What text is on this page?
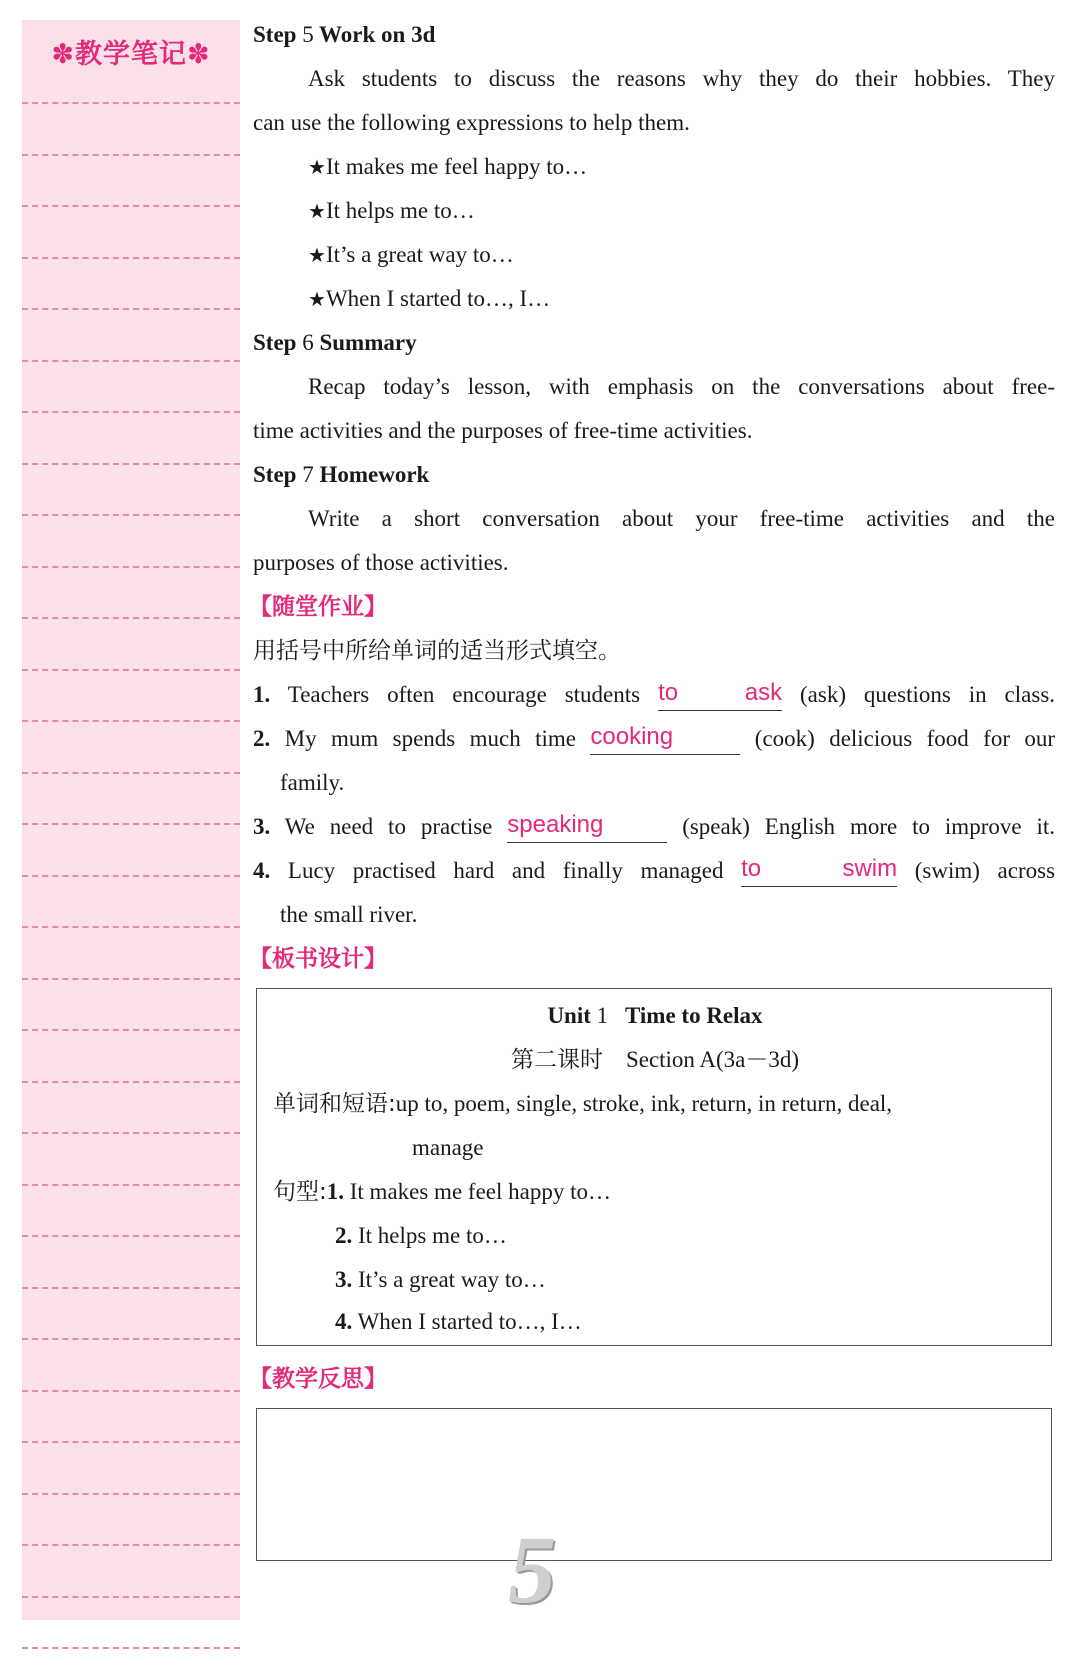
✽教学笔记✽
Step 5 Work on 3d
Ask students to discuss the reasons why they do their hobbies. They
can use the following expressions to help them.
★It makes me feel happy to…
★It helps me to…
★It’s a great way to…
★When I started to…, I…
Step 6 Summary
Recap today’s lesson, with emphasis on the conversations about free-
time activities and the purposes of free-time activities.
Step 7 Homework
Write a short conversation about your free-time activities and the
purposes of those activities.
【随堂作业】
用括号中所给单词的适当形式填空。
1. Teachers often encourage students to ask (ask) questions in class.
2. My mum spends much time cooking	(cook) delicious food for our
family.
3. We need to practise speaking	(speak) English more to improve it.
4. Lucy practised hard and finally managed to swim (swim) across
the small river.
【板书设计】
【教学反思】
Unit 1 Time to Relax
第二课时　Section A(3a－3d)
单词和短语:up to, poem, single, stroke, ink, return, in return, deal,
manage
句型:1. It makes me feel happy to…
2. It helps me to…
3. It’s a great way to…
4. When I started to…, I…
5
